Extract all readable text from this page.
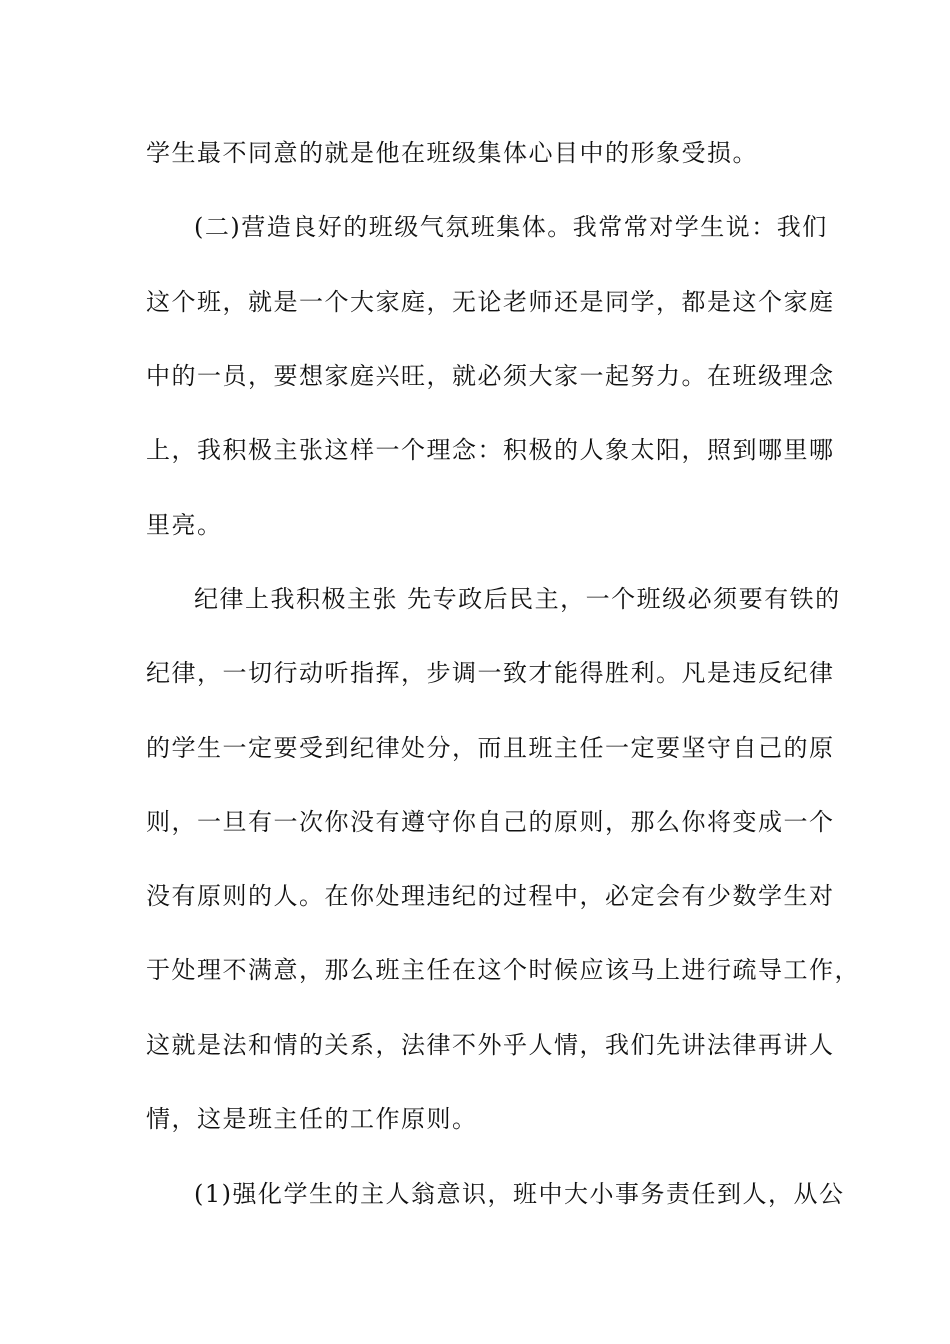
学生最不同意的就是他在班级集体心目中的形象受损。
(二)营造良好的班级气氛班集体。我常常对学生说：我们
这个班，就是一个大家庭，无论老师还是同学，都是这个家庭
中的一员，要想家庭兴旺，就必须大家一起努力。在班级理念
上，我积极主张这样一个理念：积极的人象太阳，照到哪里哪
里亮。
纪律上我积极主张 先专政后民主，一个班级必须要有铁的
纪律，一切行动听指挥，步调一致才能得胜利。凡是违反纪律
的学生一定要受到纪律处分，而且班主任一定要坚守自己的原
则，一旦有一次你没有遵守你自己的原则，那么你将变成一个
没有原则的人。在你处理违纪的过程中，必定会有少数学生对
于处理不满意，那么班主任在这个时候应该马上进行疏导工作，
这就是法和情的关系，法律不外乎人情，我们先讲法律再讲人
情，这是班主任的工作原则。
(1)强化学生的主人翁意识，班中大小事务责任到人，从公
